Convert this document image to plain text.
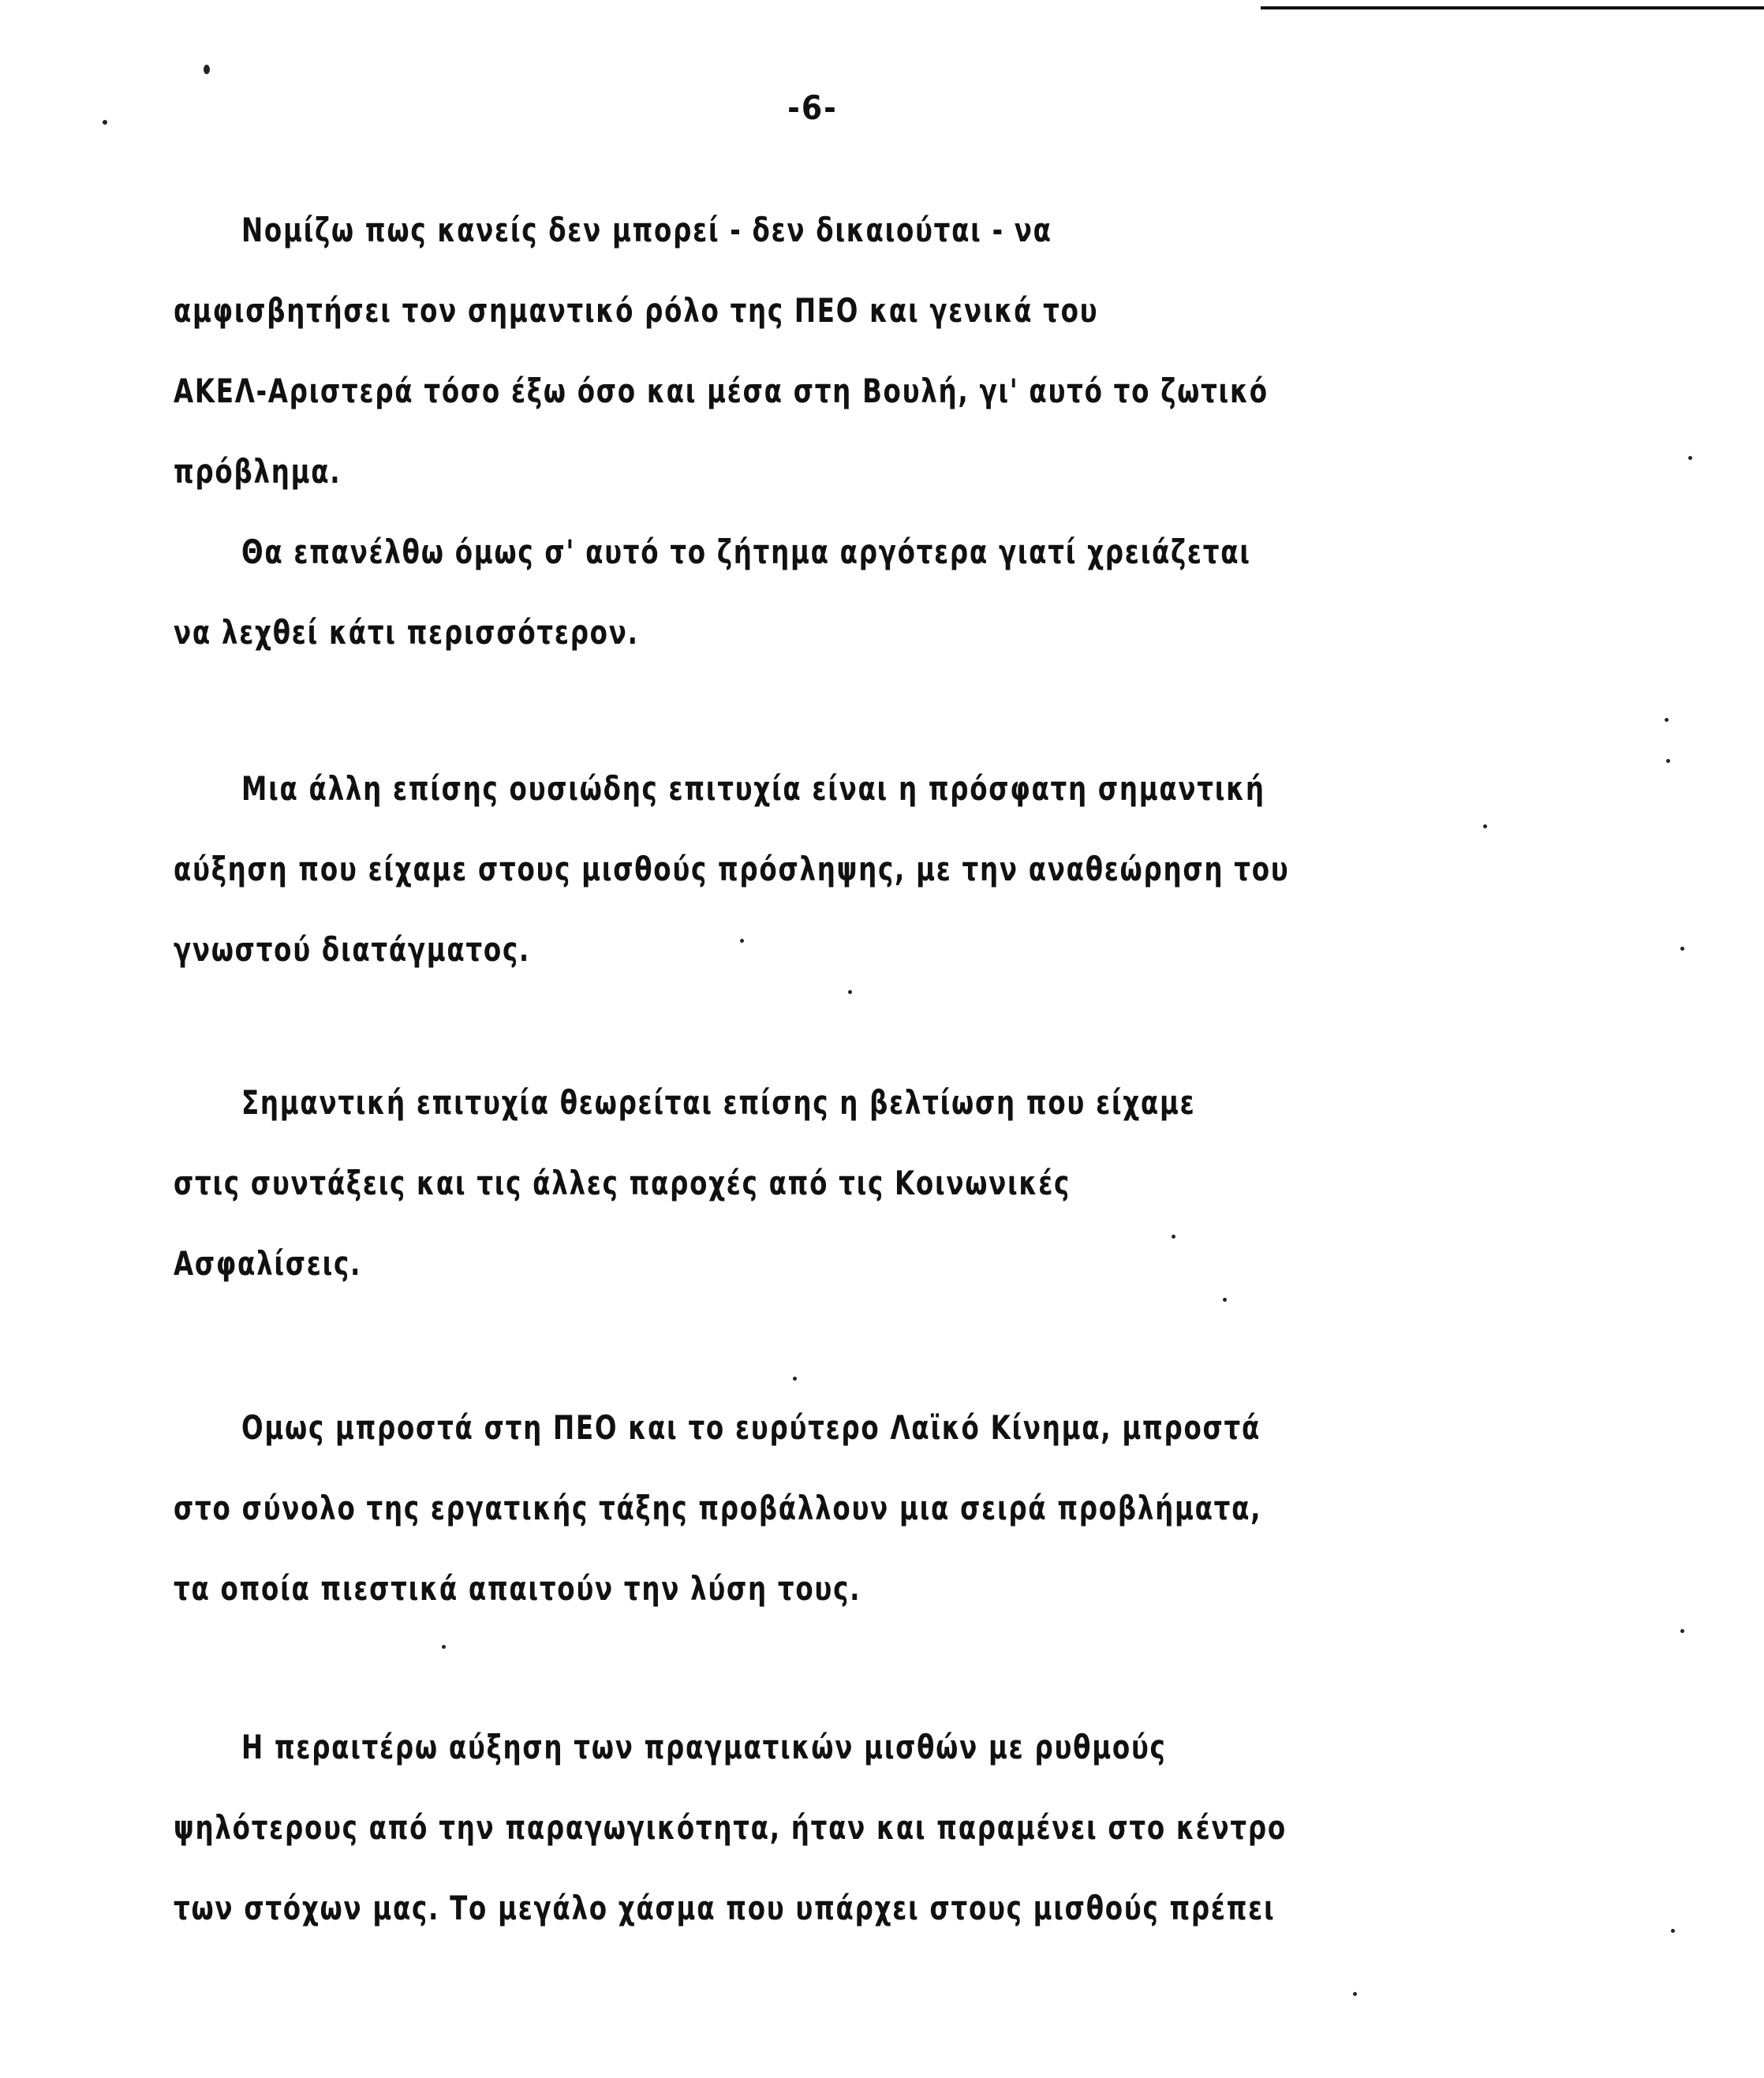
-6-
Νομίζω πως κανείς δεν μπορεί - δεν δικαιούται - να
αμφισβητήσει τον σημαντικό ρόλο της ΠΕΟ και γενικά του
ΑΚΕΛ-Αριστερά τόσο έξω όσο και μέσα στη Βουλή, γι' αυτό το ζωτικό
πρόβλημα.
Θα επανέλθω όμως σ' αυτό το ζήτημα αργότερα γιατί χρειάζεται
να λεχθεί κάτι περισσότερον.
Μια άλλη επίσης ουσιώδης επιτυχία είναι η πρόσφατη σημαντική
αύξηση που είχαμε στους μισθούς πρόσληψης, με την αναθεώρηση του
γνωστού διατάγματος.
Σημαντική επιτυχία θεωρείται επίσης η βελτίωση που είχαμε
στις συντάξεις και τις άλλες παροχές από τις Κοινωνικές
Ασφαλίσεις.
Ομως μπροστά στη ΠΕΟ και το ευρύτερο Λαϊκό Κίνημα, μπροστά
στο σύνολο της εργατικής τάξης προβάλλουν μια σειρά προβλήματα,
τα οποία πιεστικά απαιτούν την λύση τους.
Η περαιτέρω αύξηση των πραγματικών μισθών με ρυθμούς
ψηλότερους από την παραγωγικότητα, ήταν και παραμένει στο κέντρο
των στόχων μας. Το μεγάλο χάσμα που υπάρχει στους μισθούς πρέπει
